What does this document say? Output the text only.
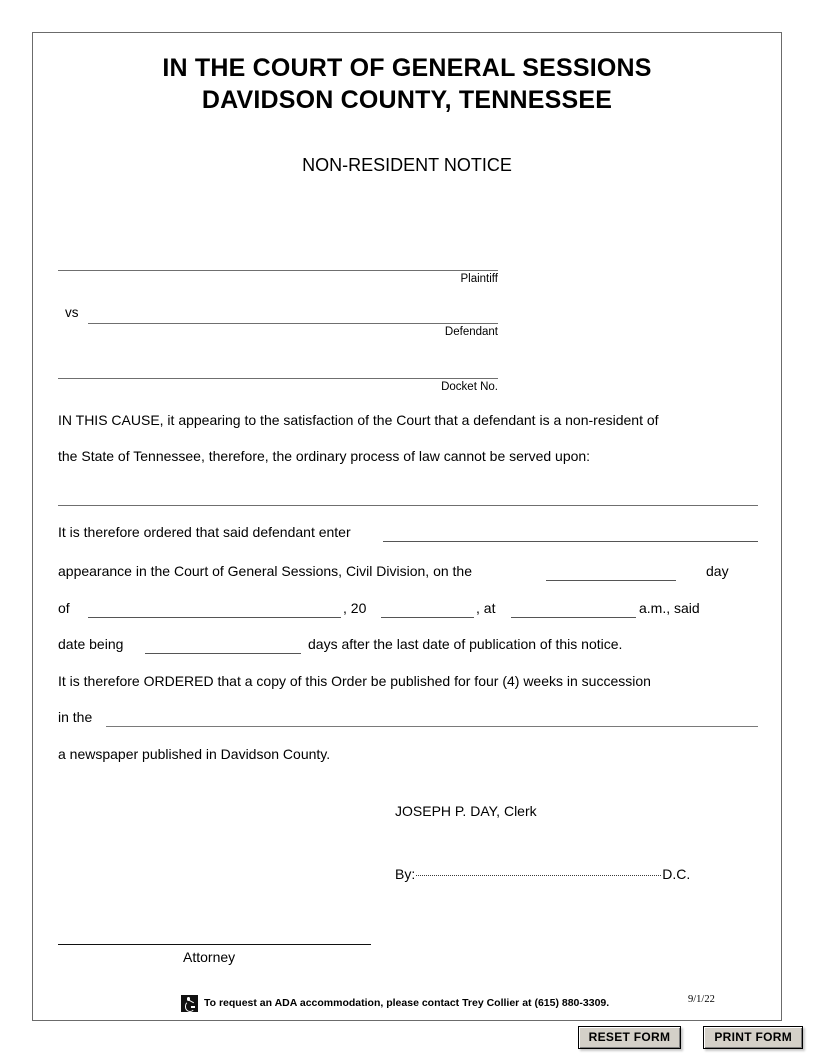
IN THE COURT OF GENERAL SESSIONS
DAVIDSON COUNTY, TENNESSEE
NON-RESIDENT NOTICE
Plaintiff
vs
Defendant
Docket No.
IN THIS CAUSE, it appearing to the satisfaction of the Court that a defendant is a non-resident of
the State of Tennessee, therefore, the ordinary process of law cannot be served upon:
It is therefore ordered that said defendant enter
appearance in the Court of General Sessions, Civil Division, on the	day
of	, 20	, at	a.m., said
date being	days after the last date of publication of this notice.
It is therefore ORDERED that a copy of this Order be published for four (4) weeks in succession
in the
a newspaper published in Davidson County.
JOSEPH P. DAY, Clerk
By:	D.C.
Attorney
To request an ADA accommodation, please contact Trey Collier at (615) 880-3309.	9/1/22
RESET FORM	PRINT FORM
